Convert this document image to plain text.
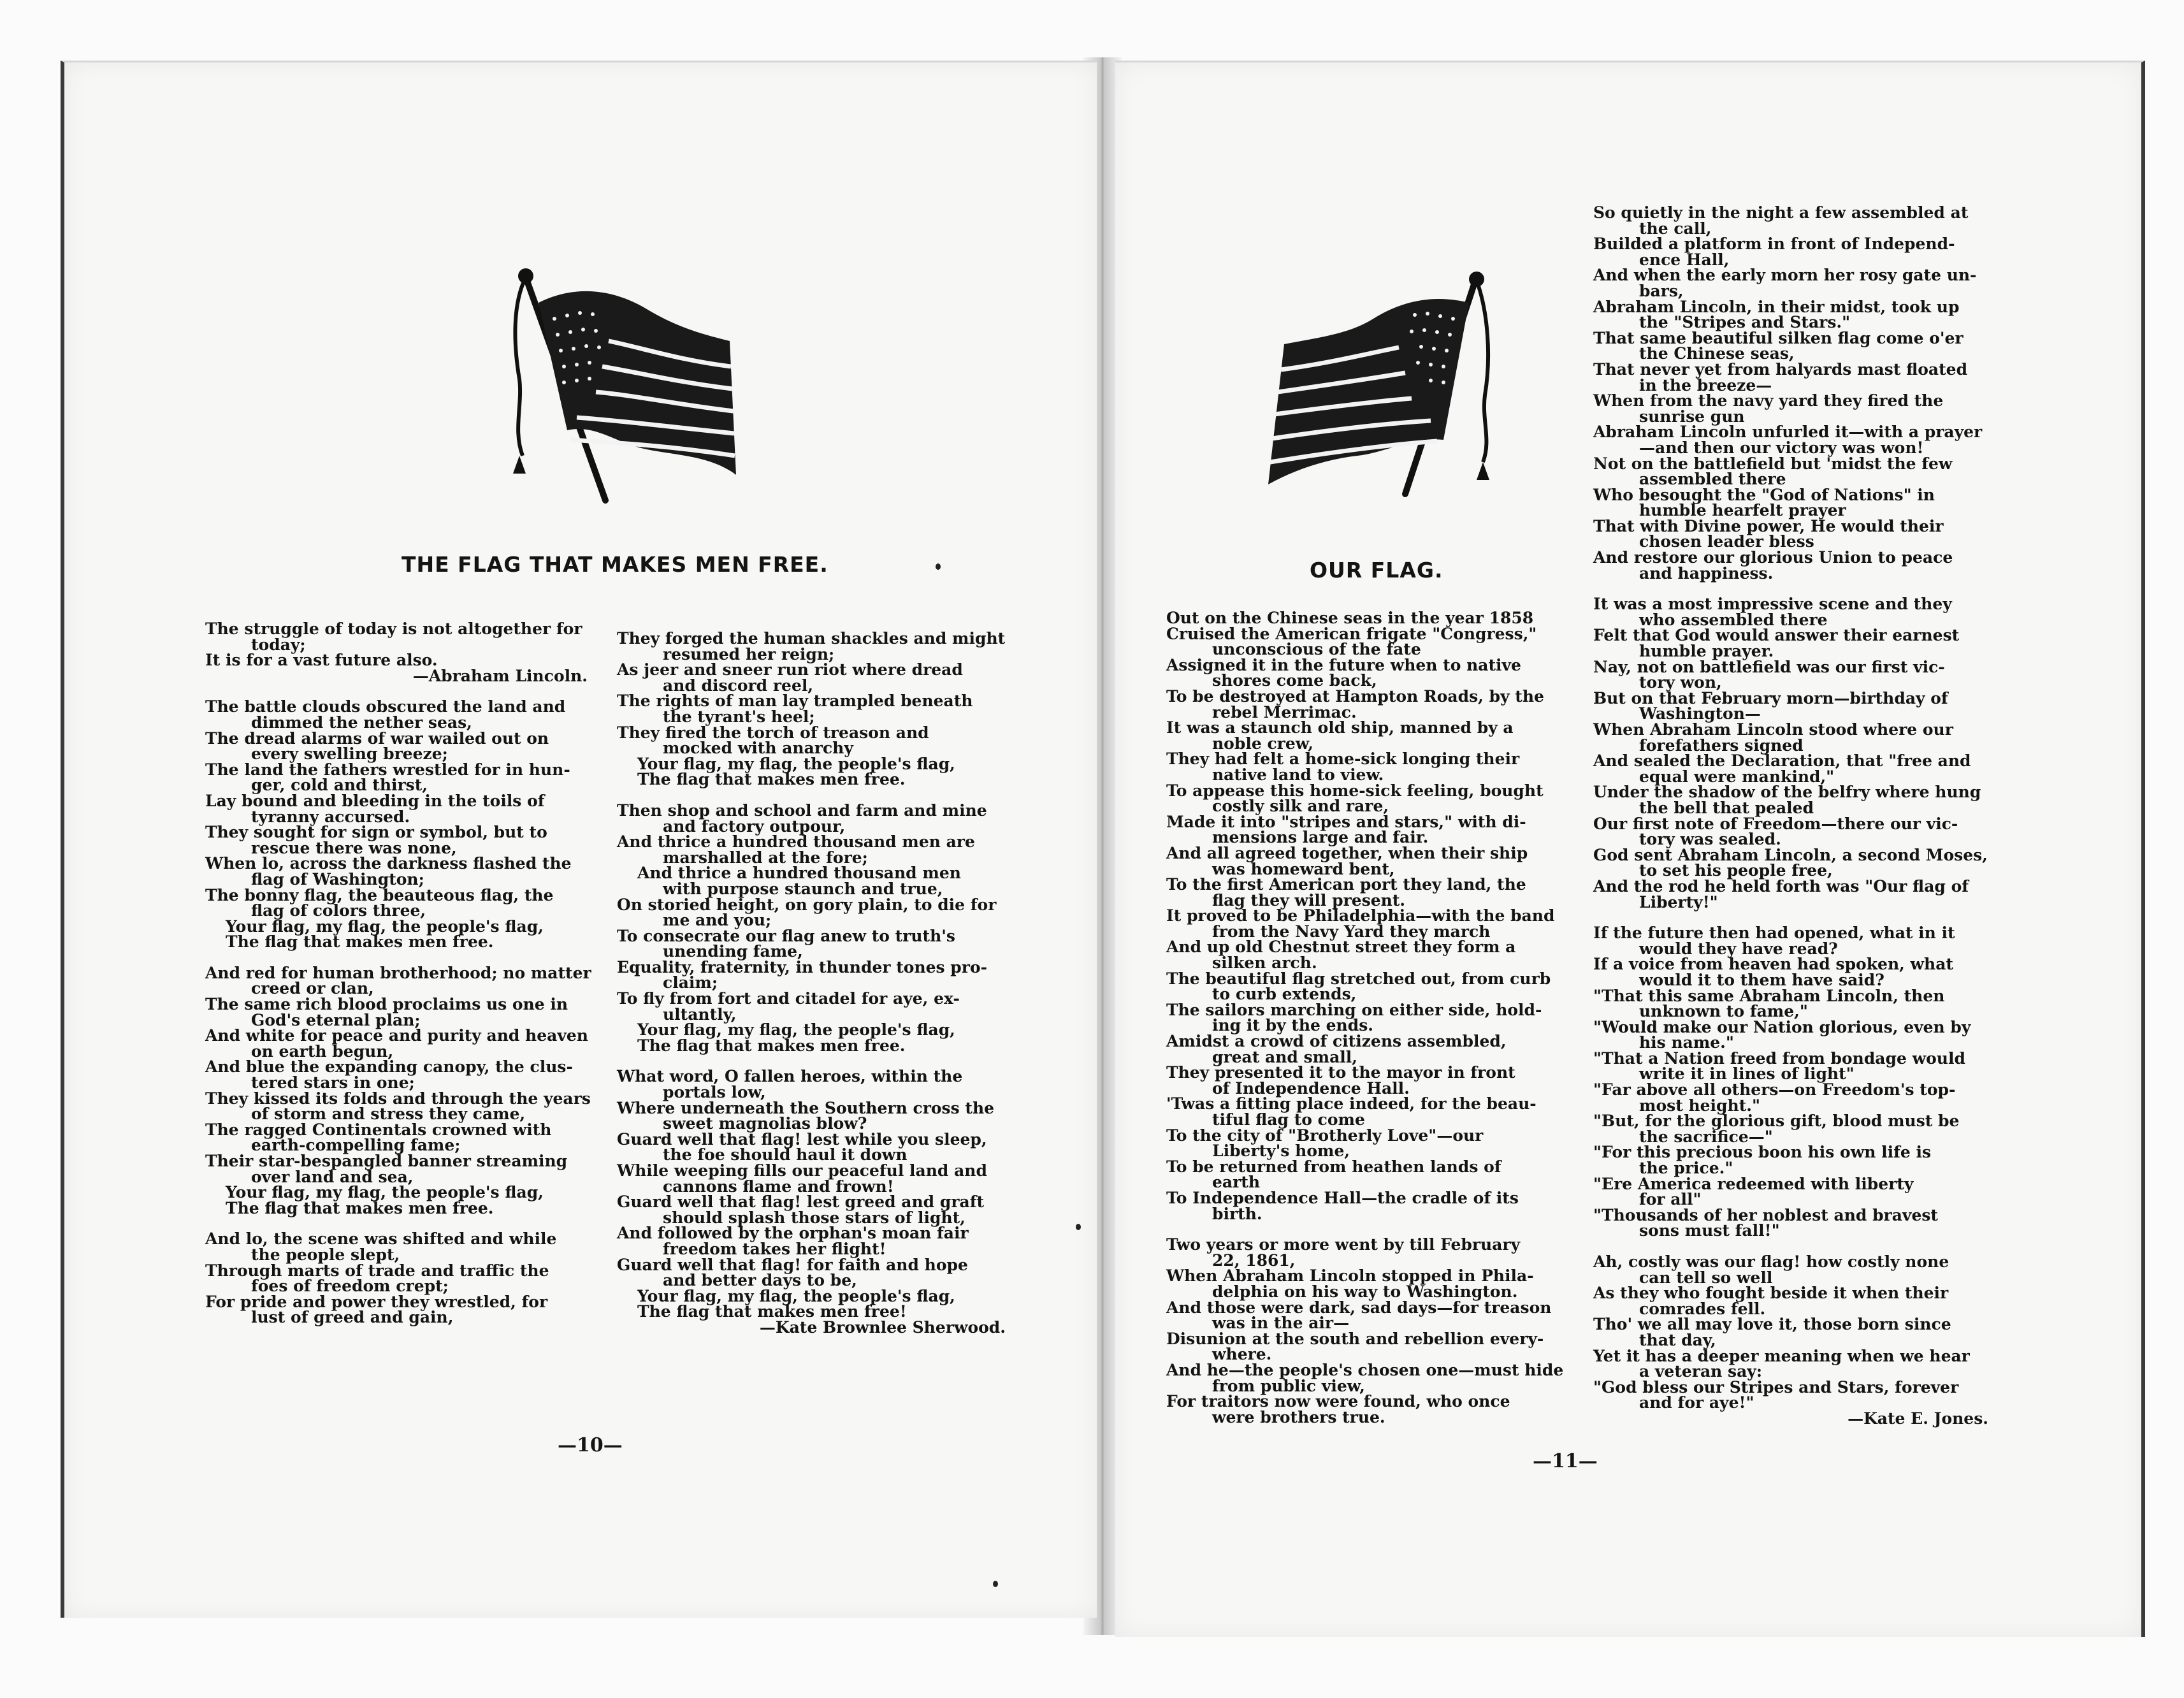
THE FLAG THAT MAKES MEN FREE.
The struggle of today is not altogether for
today;
It is for a vast future also.
—Abraham Lincoln.
The battle clouds obscured the land and
dimmed the nether seas,
The dread alarms of war wailed out on
every swelling breeze;
The land the fathers wrestled for in hun-
ger, cold and thirst,
Lay bound and bleeding in the toils of
tyranny accursed.
They sought for sign or symbol, but to
rescue there was none,
When lo, across the darkness flashed the
flag of Washington;
The bonny flag, the beauteous flag, the
flag of colors three,
Your flag, my flag, the people's flag,
The flag that makes men free.
And red for human brotherhood; no matter
creed or clan,
The same rich blood proclaims us one in
God's eternal plan;
And white for peace and purity and heaven
on earth begun,
And blue the expanding canopy, the clus-
tered stars in one;
They kissed its folds and through the years
of storm and stress they came,
The ragged Continentals crowned with
earth-compelling fame;
Their star-bespangled banner streaming
over land and sea,
Your flag, my flag, the people's flag,
The flag that makes men free.
And lo, the scene was shifted and while
the people slept,
Through marts of trade and traffic the
foes of freedom crept;
For pride and power they wrestled, for
lust of greed and gain,
They forged the human shackles and might
resumed her reign;
As jeer and sneer run riot where dread
and discord reel,
The rights of man lay trampled beneath
the tyrant's heel;
They fired the torch of treason and
mocked with anarchy
Your flag, my flag, the people's flag,
The flag that makes men free.
Then shop and school and farm and mine
and factory outpour,
And thrice a hundred thousand men are
marshalled at the fore;
And thrice a hundred thousand men
with purpose staunch and true,
On storied height, on gory plain, to die for
me and you;
To consecrate our flag anew to truth's
unending fame,
Equality, fraternity, in thunder tones pro-
claim;
To fly from fort and citadel for aye, ex-
ultantly,
Your flag, my flag, the people's flag,
The flag that makes men free.
What word, O fallen heroes, within the
portals low,
Where underneath the Southern cross the
sweet magnolias blow?
Guard well that flag! lest while you sleep,
the foe should haul it down
While weeping fills our peaceful land and
cannons flame and frown!
Guard well that flag! lest greed and graft
should splash those stars of light,
And followed by the orphan's moan fair
freedom takes her flight!
Guard well that flag! for faith and hope
and better days to be,
Your flag, my flag, the people's flag,
The flag that makes men free!
—Kate Brownlee Sherwood.
—10—
OUR FLAG.
Out on the Chinese seas in the year 1858
Cruised the American frigate "Congress,"
unconscious of the fate
Assigned it in the future when to native
shores come back,
To be destroyed at Hampton Roads, by the
rebel Merrimac.
It was a staunch old ship, manned by a
noble crew,
They had felt a home-sick longing their
native land to view.
To appease this home-sick feeling, bought
costly silk and rare,
Made it into "stripes and stars," with di-
mensions large and fair.
And all agreed together, when their ship
was homeward bent,
To the first American port they land, the
flag they will present.
It proved to be Philadelphia—with the band
from the Navy Yard they march
And up old Chestnut street they form a
silken arch.
The beautiful flag stretched out, from curb
to curb extends,
The sailors marching on either side, hold-
ing it by the ends.
Amidst a crowd of citizens assembled,
great and small,
They presented it to the mayor in front
of Independence Hall.
'Twas a fitting place indeed, for the beau-
tiful flag to come
To the city of "Brotherly Love"—our
Liberty's home,
To be returned from heathen lands of
earth
To Independence Hall—the cradle of its
birth.
Two years or more went by till February
22, 1861,
When Abraham Lincoln stopped in Phila-
delphia on his way to Washington.
And those were dark, sad days—for treason
was in the air—
Disunion at the south and rebellion every-
where.
And he—the people's chosen one—must hide
from public view,
For traitors now were found, who once
were brothers true.
So quietly in the night a few assembled at
the call,
Builded a platform in front of Independ-
ence Hall,
And when the early morn her rosy gate un-
bars,
Abraham Lincoln, in their midst, took up
the "Stripes and Stars."
That same beautiful silken flag come o'er
the Chinese seas,
That never yet from halyards mast floated
in the breeze—
When from the navy yard they fired the
sunrise gun
Abraham Lincoln unfurled it—with a prayer
—and then our victory was won!
Not on the battlefield but 'midst the few
assembled there
Who besought the "God of Nations" in
humble hearfelt prayer
That with Divine power, He would their
chosen leader bless
And restore our glorious Union to peace
and happiness.
It was a most impressive scene and they
who assembled there
Felt that God would answer their earnest
humble prayer.
Nay, not on battlefield was our first vic-
tory won,
But on that February morn—birthday of
Washington—
When Abraham Lincoln stood where our
forefathers signed
And sealed the Declaration, that "free and
equal were mankind,"
Under the shadow of the belfry where hung
the bell that pealed
Our first note of Freedom—there our vic-
tory was sealed.
God sent Abraham Lincoln, a second Moses,
to set his people free,
And the rod he held forth was "Our flag of
Liberty!"
If the future then had opened, what in it
would they have read?
If a voice from heaven had spoken, what
would it to them have said?
"That this same Abraham Lincoln, then
unknown to fame,"
"Would make our Nation glorious, even by
his name."
"That a Nation freed from bondage would
write it in lines of light"
"Far above all others—on Freedom's top-
most height."
"But, for the glorious gift, blood must be
the sacrifice—"
"For this precious boon his own life is
the price."
"Ere America redeemed with liberty
for all"
"Thousands of her noblest and bravest
sons must fall!"
Ah, costly was our flag! how costly none
can tell so well
As they who fought beside it when their
comrades fell.
Tho' we all may love it, those born since
that day,
Yet it has a deeper meaning when we hear
a veteran say:
"God bless our Stripes and Stars, forever
and for aye!"
—Kate E. Jones.
—11—
